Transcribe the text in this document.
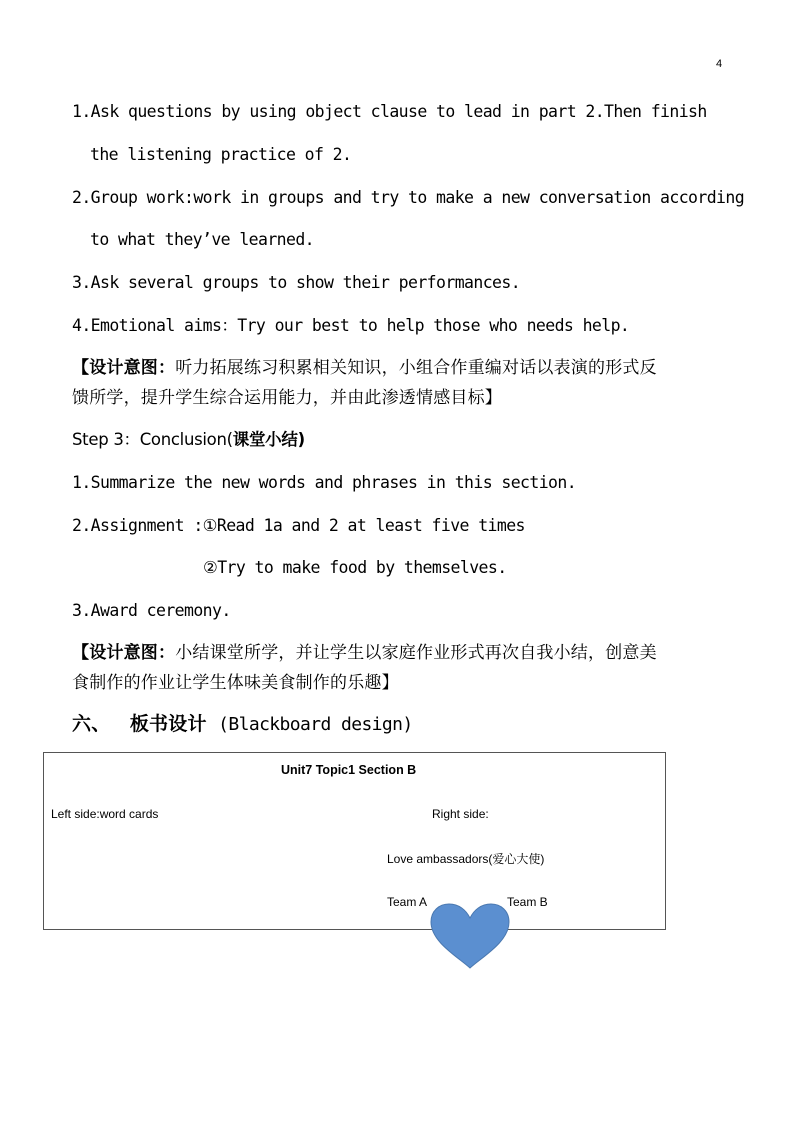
4
1.Ask questions by using object clause to lead in part 2.Then finish
the listening practice of 2.
2.Group work:work in groups and try to make a new conversation according
to what they’ve learned.
3.Ask several groups to show their performances.
4.Emotional aims：Try our best to help those who needs help.
【设计意图：听力拓展练习积累相关知识，小组合作重编对话以表演的形式反
馈所学，提升学生综合运用能力，并由此渗透情感目标】
Step 3：Conclusion(课堂小结)
1.Summarize the new words and phrases in this section.
2.Assignment :①Read 1a and 2 at least five times
②Try to make food by themselves.
3.Award ceremony.
【设计意图：小结课堂所学，并让学生以家庭作业形式再次自我小结，创意美
食制作的作业让学生体味美食制作的乐趣】
六、 板书设计 (Blackboard design)
Unit7 Topic1 Section B
Left side:word cards	Right side:
Love ambassadors(爱心大使)
Team A	Team B
